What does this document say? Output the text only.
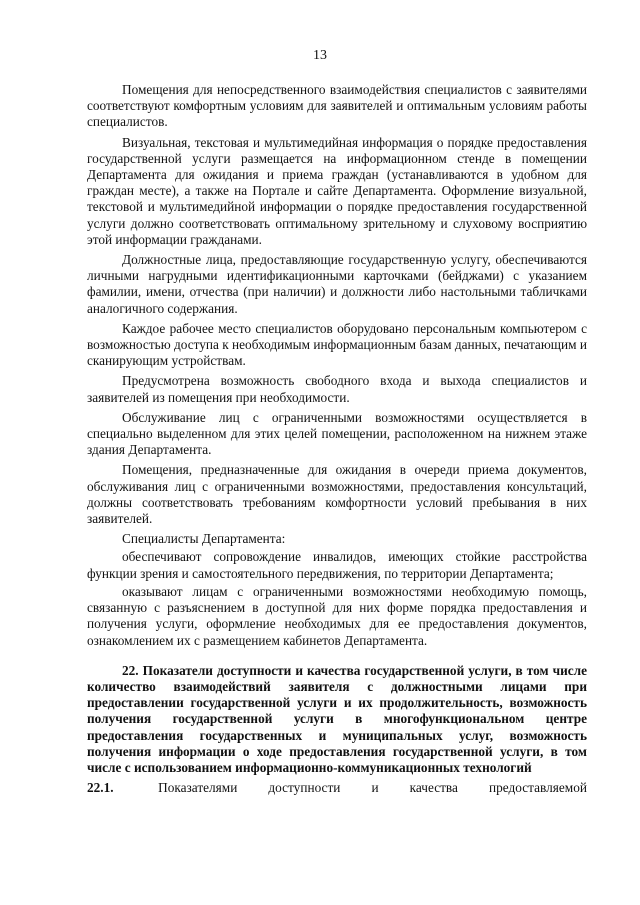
13

Помещения для непосредственного взаимодействия специалистов с заявителями соответствуют комфортным условиям для заявителей и оптимальным условиям работы специалистов.

Визуальная, текстовая и мультимедийная информация о порядке предоставления государственной услуги размещается на информационном стенде в помещении Департамента для ожидания и приема граждан (устанавливаются в удобном для граждан месте), а также на Портале и сайте Департамента. Оформление визуальной, текстовой и мультимедийной информации о порядке предоставления государственной услуги должно соответствовать оптимальному зрительному и слуховому восприятию этой информации гражданами.

Должностные лица, предоставляющие государственную услугу, обеспечиваются личными нагрудными идентификационными карточками (бейджами) с указанием фамилии, имени, отчества (при наличии) и должности либо настольными табличками аналогичного содержания.

Каждое рабочее место специалистов оборудовано персональным компьютером с возможностью доступа к необходимым информационным базам данных, печатающим и сканирующим устройствам.

Предусмотрена возможность свободного входа и выхода специалистов и заявителей из помещения при необходимости.

Обслуживание лиц с ограниченными возможностями осуществляется в специально выделенном для этих целей помещении, расположенном на нижнем этаже здания Департамента.

Помещения, предназначенные для ожидания в очереди приема документов, обслуживания лиц с ограниченными возможностями, предоставления консультаций, должны соответствовать требованиям комфортности условий пребывания в них заявителей.

Специалисты Департамента:

обеспечивают сопровождение инвалидов, имеющих стойкие расстройства функции зрения и самостоятельного передвижения, по территории Департамента;

оказывают лицам с ограниченными возможностями необходимую помощь, связанную с разъяснением в доступной для них форме порядка предоставления и получения услуги, оформление необходимых для ее предоставления документов, ознакомлением их с размещением кабинетов Департамента.

22. Показатели доступности и качества государственной услуги, в том числе количество взаимодействий заявителя с должностными лицами при предоставлении государственной услуги и их продолжительность, возможность получения государственной услуги в многофункциональном центре предоставления государственных и муниципальных услуг, возможность получения информации о ходе предоставления государственной услуги, в том числе с использованием информационно-коммуникационных технологий
22.1.	Показателями доступности и качества предоставляемой
